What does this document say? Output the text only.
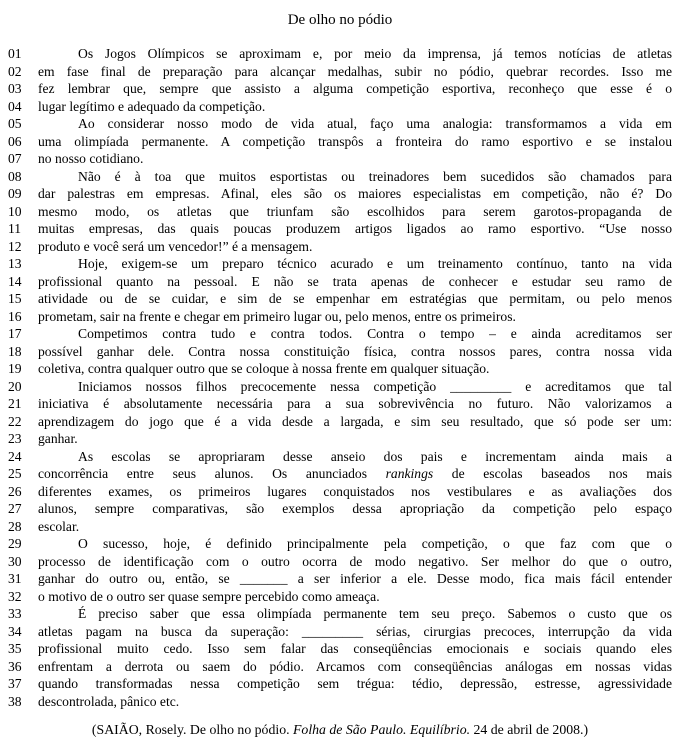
De olho no pódio
01	Os Jogos Olímpicos se aproximam e, por meio da imprensa, já temos notícias de atletas
02	em fase final de preparação para alcançar medalhas, subir no pódio, quebrar recordes. Isso me
03	fez lembrar que, sempre que assisto a alguma competição esportiva, reconheço que esse é o
04	lugar legítimo e adequado da competição.
05	Ao considerar nosso modo de vida atual, faço uma analogia: transformamos a vida em
06	uma olimpíada permanente. A competição transpôs a fronteira do ramo esportivo e se instalou
07	no nosso cotidiano.
08	Não é à toa que muitos esportistas ou treinadores bem sucedidos são chamados para
09	dar palestras em empresas. Afinal, eles são os maiores especialistas em competição, não é? Do
10	mesmo modo, os atletas que triunfam são escolhidos para serem garotos-propaganda de
11	muitas empresas, das quais poucas produzem artigos ligados ao ramo esportivo. “Use nosso
12	produto e você será um vencedor!” é a mensagem.
13	Hoje, exigem-se um preparo técnico acurado e um treinamento contínuo, tanto na vida
14	profissional quanto na pessoal. E não se trata apenas de conhecer e estudar seu ramo de
15	atividade ou de se cuidar, e sim de se empenhar em estratégias que permitam, ou pelo menos
16	prometam, sair na frente e chegar em primeiro lugar ou, pelo menos, entre os primeiros.
17	Competimos contra tudo e contra todos. Contra o tempo – e ainda acreditamos ser
18	possível ganhar dele. Contra nossa constituição física, contra nossos pares, contra nossa vida
19	coletiva, contra qualquer outro que se coloque à nossa frente em qualquer situação.
20	Iniciamos nossos filhos precocemente nessa competição _________ e acreditamos que tal
21	iniciativa é absolutamente necessária para a sua sobrevivência no futuro. Não valorizamos a
22	aprendizagem do jogo que é a vida desde a largada, e sim seu resultado, que só pode ser um:
23	ganhar.
24	As escolas se apropriaram desse anseio dos pais e incrementam ainda mais a
25	concorrência entre seus alunos. Os anunciados rankings de escolas baseados nos mais
26	diferentes exames, os primeiros lugares conquistados nos vestibulares e as avaliações dos
27	alunos, sempre comparativas, são exemplos dessa apropriação da competição pelo espaço
28	escolar.
29	O sucesso, hoje, é definido principalmente pela competição, o que faz com que o
30	processo de identificação com o outro ocorra de modo negativo. Ser melhor do que o outro,
31	ganhar do outro ou, então, se _______ a ser inferior a ele. Desse modo, fica mais fácil entender
32	o motivo de o outro ser quase sempre percebido como ameaça.
33	É preciso saber que essa olimpíada permanente tem seu preço. Sabemos o custo que os
34	atletas pagam na busca da superação: _________ sérias, cirurgias precoces, interrupção da vida
35	profissional muito cedo. Isso sem falar das conseqüências emocionais e sociais quando eles
36	enfrentam a derrota ou saem do pódio. Arcamos com conseqüências análogas em nossas vidas
37	quando transformadas nessa competição sem trégua: tédio, depressão, estresse, agressividade
38	descontrolada, pânico etc.
(SAIÃO, Rosely. De olho no pódio. Folha de São Paulo. Equilíbrio. 24 de abril de 2008.)
